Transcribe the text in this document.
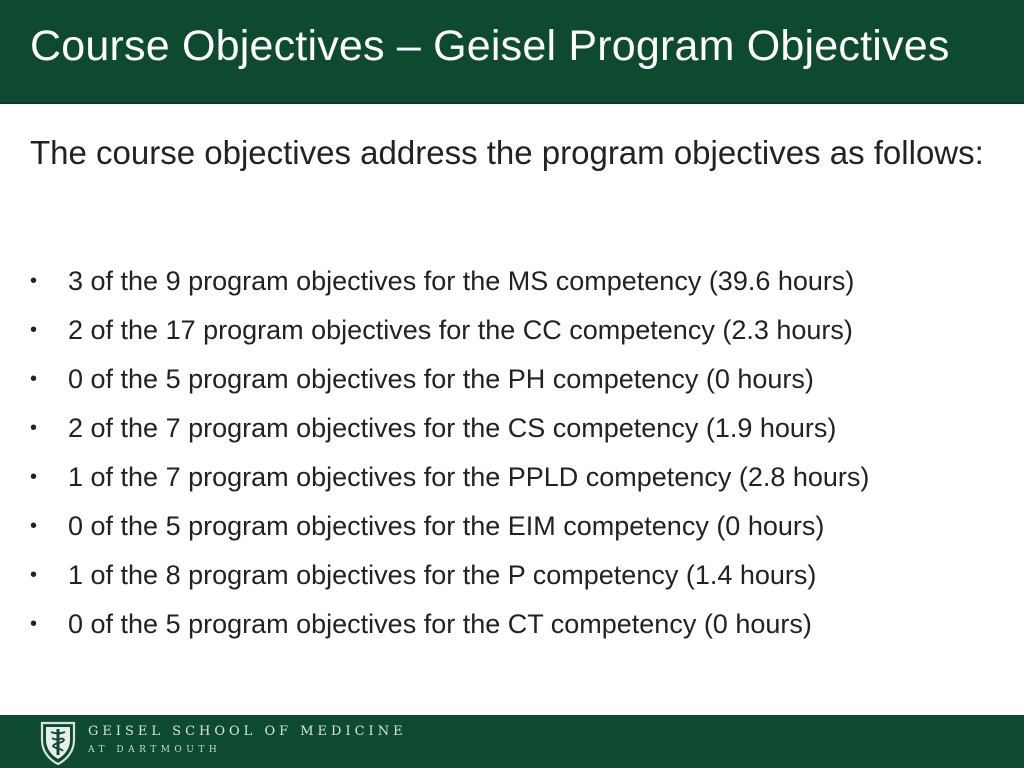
Course Objectives – Geisel Program Objectives
The course objectives address the program objectives as follows:
• 3 of the 9 program objectives for the MS competency (39.6 hours)
• 2 of the 17 program objectives for the CC competency (2.3 hours)
• 0 of the 5 program objectives for the PH competency (0 hours)
• 2 of the 7 program objectives for the CS competency (1.9 hours)
• 1 of the 7 program objectives for the PPLD competency (2.8 hours)
• 0 of the 5 program objectives for the EIM competency (0 hours)
• 1 of the 8 program objectives for the P competency (1.4 hours)
• 0 of the 5 program objectives for the CT competency (0 hours)
GEISEL SCHOOL OF MEDICINE
AT DARTMOUTH
